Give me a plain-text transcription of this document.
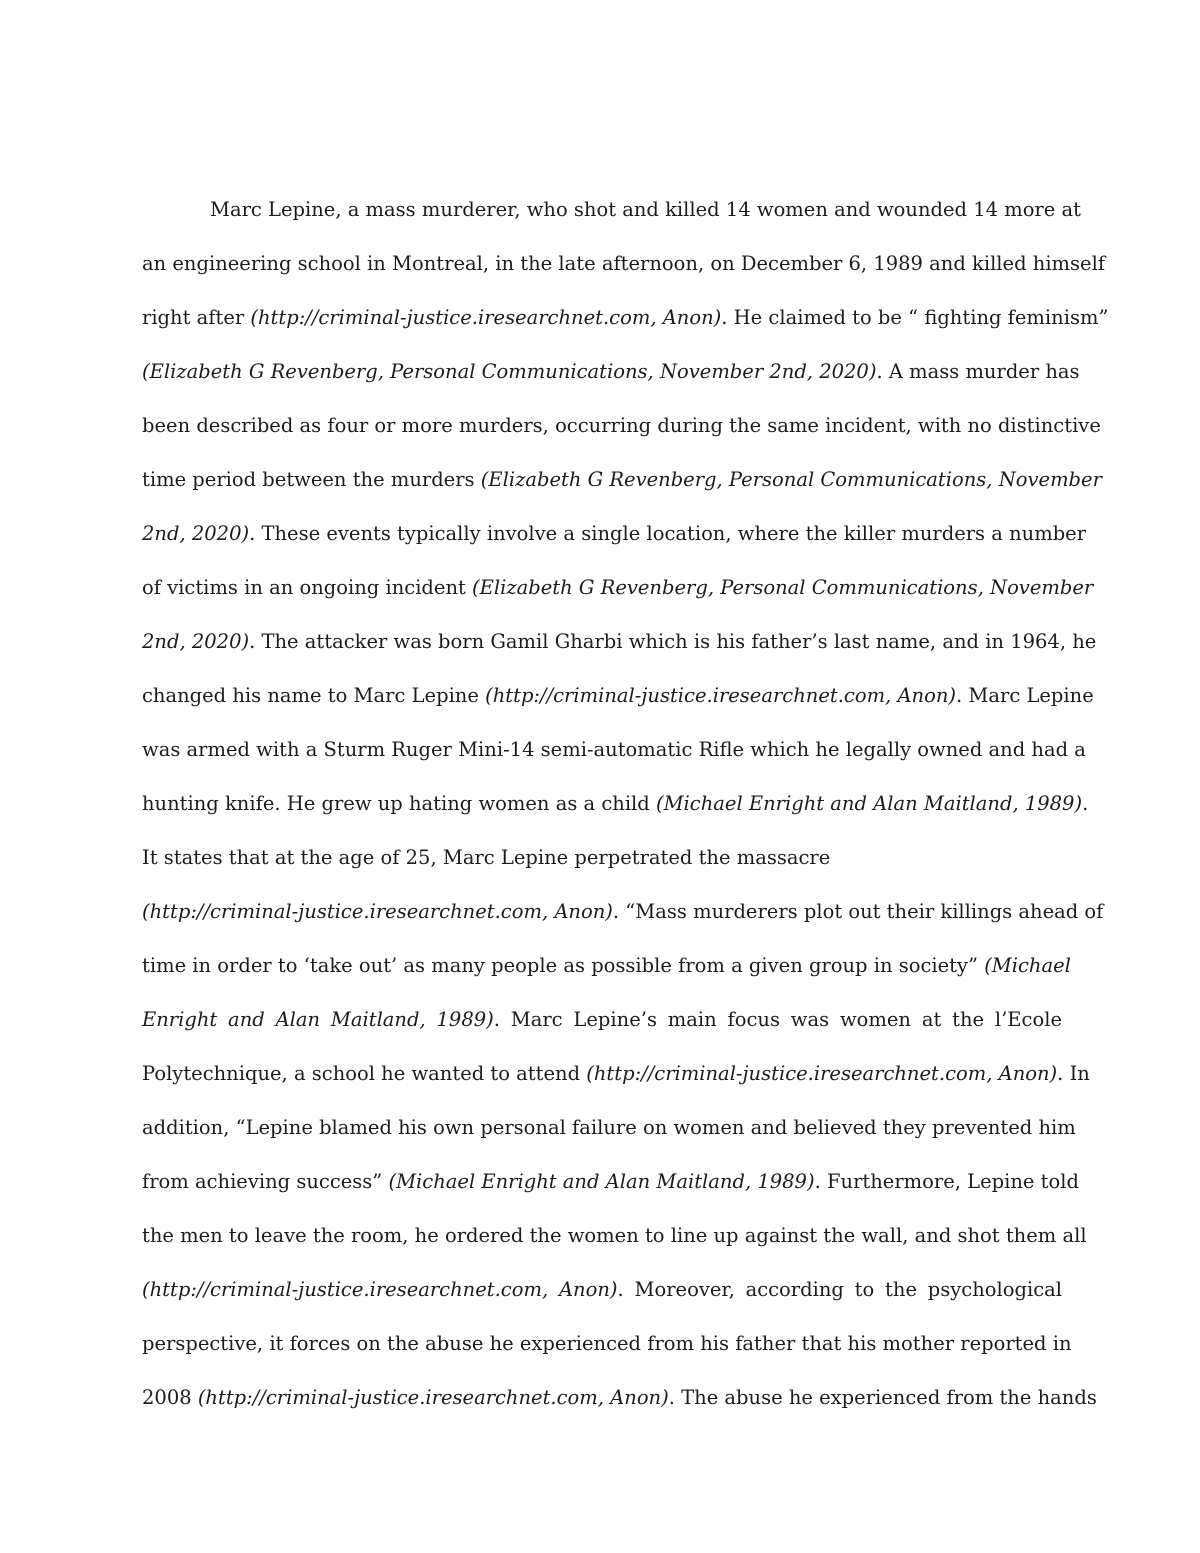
Marc Lepine, a mass murderer, who shot and killed 14 women and wounded 14 more at
an engineering school in Montreal, in the late afternoon, on December 6, 1989 and killed himself
right after (http://criminal-justice.iresearchnet.com, Anon). He claimed to be “ fighting feminism”
(Elizabeth G Revenberg, Personal Communications, November 2nd, 2020). A mass murder has
been described as four or more murders, occurring during the same incident, with no distinctive
time period between the murders (Elizabeth G Revenberg, Personal Communications, November
2nd, 2020). These events typically involve a single location, where the killer murders a number
of victims in an ongoing incident (Elizabeth G Revenberg, Personal Communications, November
2nd, 2020). The attacker was born Gamil Gharbi which is his father’s last name, and in 1964, he
changed his name to Marc Lepine (http://criminal-justice.iresearchnet.com, Anon). Marc Lepine
was armed with a Sturm Ruger Mini-14 semi-automatic Rifle which he legally owned and had a
hunting knife. He grew up hating women as a child (Michael Enright and Alan Maitland, 1989).
It states that at the age of 25, Marc Lepine perpetrated the massacre
(http://criminal-justice.iresearchnet.com, Anon). “Mass murderers plot out their killings ahead of
time in order to ‘take out’ as many people as possible from a given group in society” (Michael
Enright and Alan Maitland, 1989). Marc Lepine’s main focus was women at the l’Ecole
Polytechnique, a school he wanted to attend (http://criminal-justice.iresearchnet.com, Anon). In
addition, “Lepine blamed his own personal failure on women and believed they prevented him
from achieving success” (Michael Enright and Alan Maitland, 1989). Furthermore, Lepine told
the men to leave the room, he ordered the women to line up against the wall, and shot them all
(http://criminal-justice.iresearchnet.com, Anon). Moreover, according to the psychological
perspective, it forces on the abuse he experienced from his father that his mother reported in
2008 (http://criminal-justice.iresearchnet.com, Anon). The abuse he experienced from the hands
